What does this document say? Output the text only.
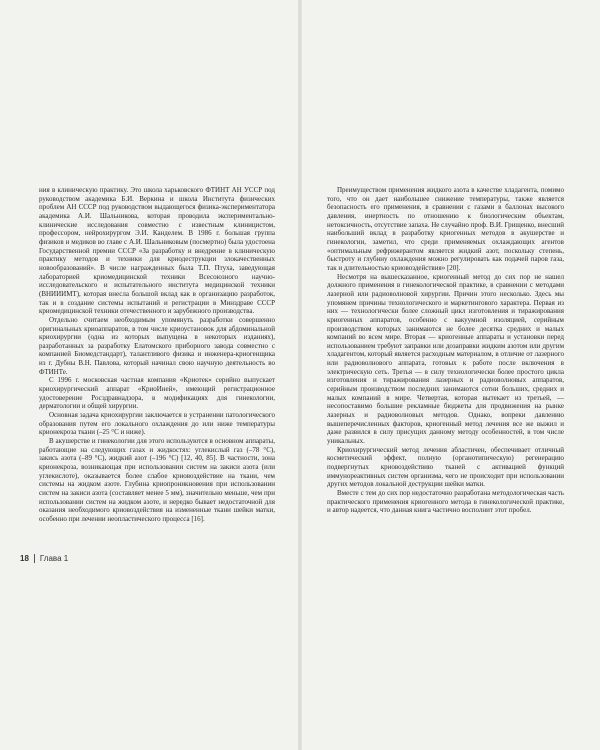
ния в клиническую практику. Это школа харьковского ФТИНТ АН УССР под руководством академика Б.И. Веркина и школа Института физических проблем АН СССР под руководством выдающегося физика-экспериментатора академика А.И. Шальникова, которая проводила экспериментально-клинические исследования совместно с известным клиницистом, профессором, нейрохирургом Э.И. Канделем. В 1986 г. большая группа физиков и медиков во главе с А.И. Шальниковым (посмертно) была удостоена Государственной премии СССР «За разработку и внедрение в клиническую практику методов и техники для криодеструкции злокачественных новообразований». В числе награжденных была Т.П. Птуха, заведующая лабораторией криомедицинской техники Всесоюзного научно-исследовательского и испытательного института медицинской техники (ВНИИИМТ), которая внесла большой вклад как в организацию разработок, так и в создание системы испытаний и регистрации в Минздраве СССР криомедицинской техники отечественного и зарубежного производства.

Отдельно считаем необходимым упомянуть разработки совершенно оригинальных криоаппаратов, в том числе криоустановок для абдоминальной криохирургии (одна из которых выпущена в некоторых изданиях), разработанных за разработку Елатомского приборного завода совместно с компанией Биомедстандарт), талантливого физика и инженера-криогенщика из г. Дубны В.Н. Павлова, который начинал свою научную деятельность во ФТИНТе.

С 1996 г. московская частная компания «Криотек» серийно выпускает криохирургический аппарат «КриоИней», имеющий регистрационное удостоверение Росздравнадзора, в модификациях для гинекологии, дерматологии и общей хирургии.

Основная задача криохирургии заключается в устранении патологического образования путем его локального охлаждения до или ниже температуры крионекроза ткани (–25 °С и ниже).

В акушерстве и гинекологии для этого используются в основном аппараты, работающие на следующих газах и жидкостях: углекислый газ (–78 °С), закись азота (–89 °С), жидкий азот (–196 °С) [12, 40, 85]. В частности, зона крионекроза, возникающая при использовании систем на закиси азота (или углекислоте), оказывается более слабое криовоздействие на ткани, чем системы на жидком азоте. Глубина криопроникновения при использовании систем на закиси азота (составляет менее 5 мм), значительно меньше, чем при использовании систем на жидком азоте, и нередко бывает недостаточной для оказания необходимого криовоздействия на измененные ткани шейки матки, особенно при лечении неопластического процесса [16].

18 Глава 1

Преимуществом применения жидкого азота в качестве хладагента, помимо того, что он дает наибольшее снижение температуры, также является безопасность его применения, в сравнении с газами в баллонах высокого давления, инертность по отношению к биологическим объектам, нетоксичность, отсутствие запаха. Не случайно проф. В.И. Грищенко, внесший наибольший вклад в разработку криогенных методов в акушерстве и гинекологии, заметил, что среди применяемых охлаждающих агентов «оптимальным рефрижерантом является жидкий азот, поскольку степень, быстроту и глубину охлаждения можно регулировать как подачей паров газа, так и длительностью криовоздействия» [20].

Несмотря на вышесказанное, криогенный метод до сих пор не нашел должного применения в гинекологической практике, в сравнении с методами лазерной или радиоволновой хирургии. Причин этого несколько. Здесь мы упомянем причины технологического и маркетингового характера. Первая из них — технологически более сложный цикл изготовления и тиражирования криогенных аппаратов, особенно с вакуумной изоляцией, серийным производством которых занимаются не более десятка средних и малых компаний во всем мире. Вторая — криогенные аппараты и установки перед использованием требуют заправки или дозаправки жидким азотом или другим хладагентом, который является расходным материалом, в отличие от лазерного или радиоволнового аппарата, готовых к работе после включения в электрическую сеть. Третья — в силу технологически более простого цикла изготовления и тиражирования лазерных и радиоволновых аппаратов, серийным производством последних занимаются сотни больших, средних и малых компаний в мире. Четвертая, которая вытекает из третьей, — несопоставимо большие рекламные бюджеты для продвижения на рынке лазерных и радиоволновых методов. Однако, вопреки давлению вышеперечисленных факторов, криогенный метод лечения все же выжил и даже развился в силу присущих данному методу особенностей, в том числе уникальных.

Криохирургический метод лечения абластичен, обеспечивает отличный косметический эффект, полную (органотипическую) регенерацию подвергнутых криовоздействию тканей с активацией функций иммунореактивных систем организма, чего не происходит при использовании других методов локальной деструкции шейки матки.

Вместе с тем до сих пор недостаточно разработана методологическая часть практического применения криогенного метода в гинекологической практике, и автор надеется, что данная книга частично восполнит этот пробел.
